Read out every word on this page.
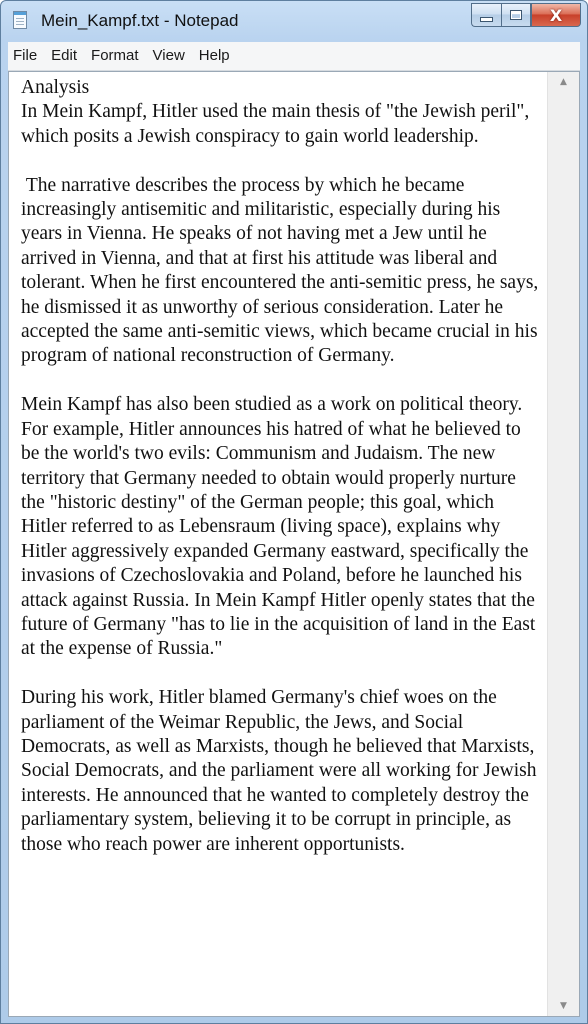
Mein_Kampf.txt - Notepad	X
File Edit Format View Help
Analysis
In Mein Kampf, Hitler used the main thesis of "the Jewish peril", which posits a Jewish conspiracy to gain world leadership.

The narrative describes the process by which he became increasingly antisemitic and militaristic, especially during his years in Vienna. He speaks of not having met a Jew until he arrived in Vienna, and that at first his attitude was liberal and tolerant. When he first encountered the anti-semitic press, he says, he dismissed it as unworthy of serious consideration. Later he accepted the same anti-semitic views, which became crucial in his program of national reconstruction of Germany.

Mein Kampf has also been studied as a work on political theory. For example, Hitler announces his hatred of what he believed to be the world's two evils: Communism and Judaism. The new territory that Germany needed to obtain would properly nurture the "historic destiny" of the German people; this goal, which Hitler referred to as Lebensraum (living space), explains why Hitler aggressively expanded Germany eastward, specifically the invasions of Czechoslovakia and Poland, before he launched his attack against Russia. In Mein Kampf Hitler openly states that the future of Germany "has to lie in the acquisition of land in the East at the expense of Russia."

During his work, Hitler blamed Germany's chief woes on the parliament of the Weimar Republic, the Jews, and Social Democrats, as well as Marxists, though he believed that Marxists, Social Democrats, and the parliament were all working for Jewish interests. He announced that he wanted to completely destroy the parliamentary system, believing it to be corrupt in principle, as those who reach power are inherent opportunists.
▲
▼
